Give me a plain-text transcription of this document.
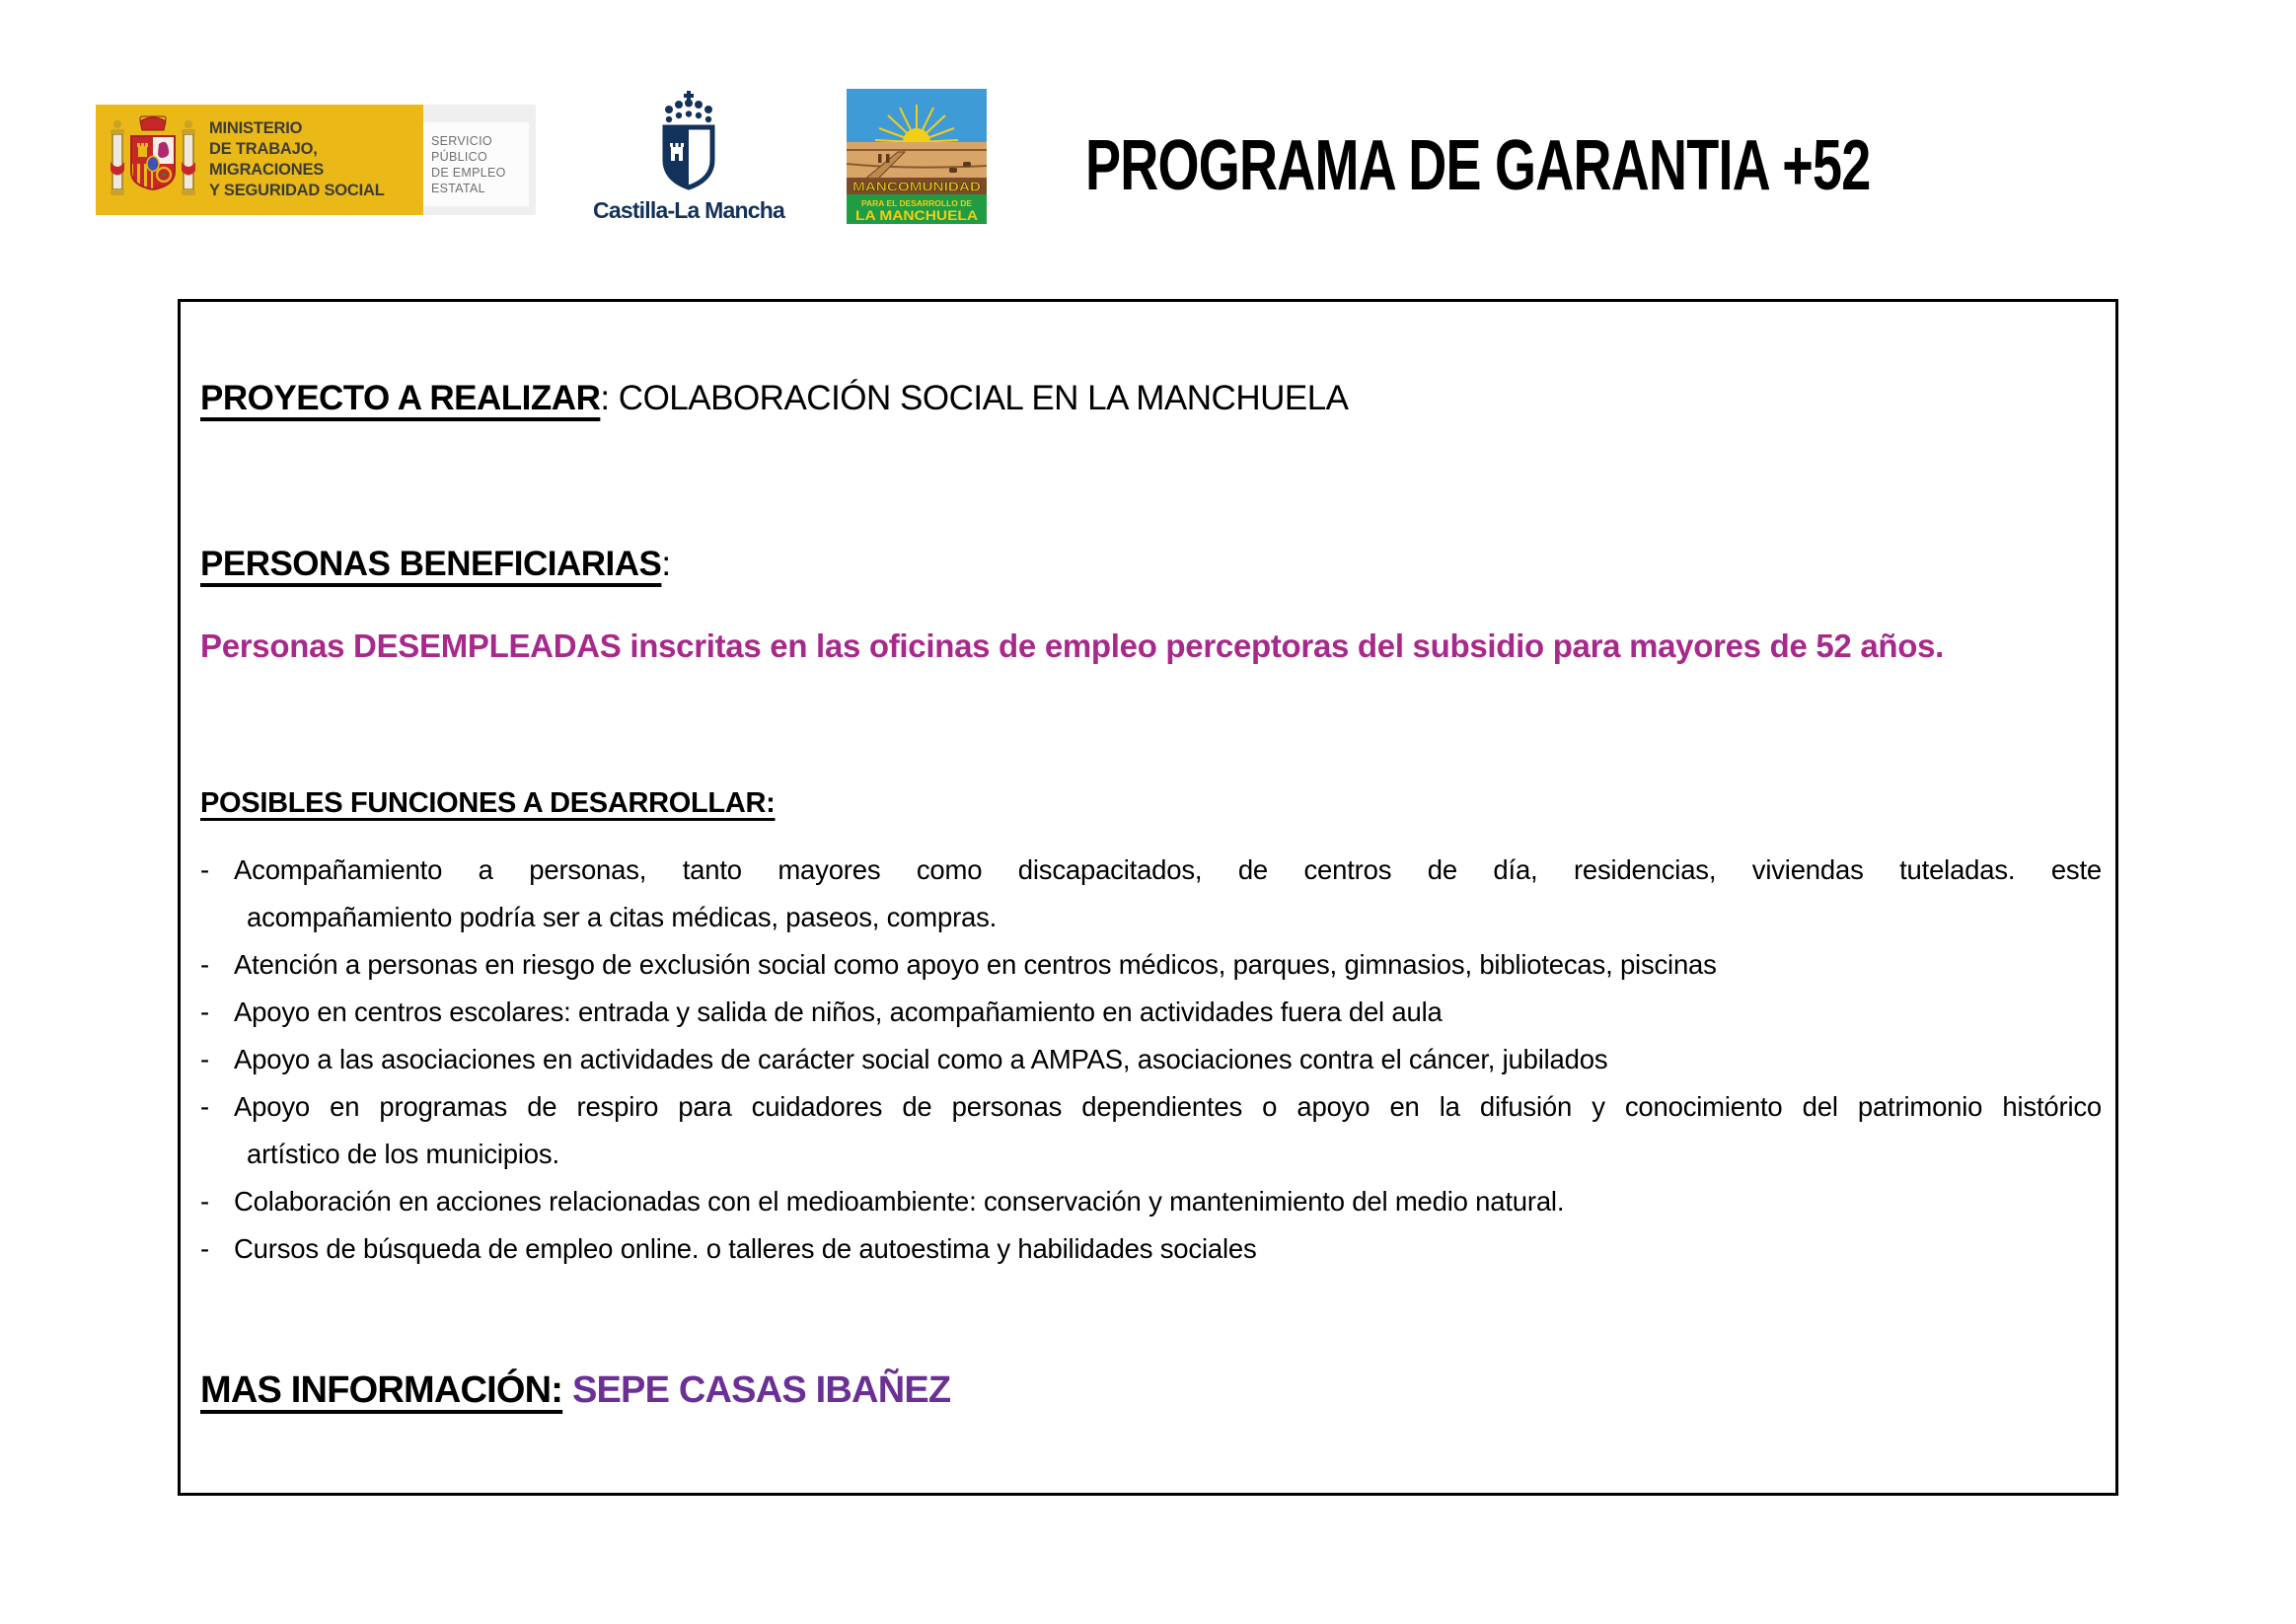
MINISTERIO
DE TRABAJO, MIGRACIONES
Y SEGURIDAD SOCIAL
SERVICIO PÚBLICO
DE EMPLEO ESTATAL
Castilla-La Mancha
MANCOMUNIDAD
PARA EL DESARROLLO DE
LA MANCHUELA
PROGRAMA DE GARANTIA +52

PROYECTO A REALIZAR: COLABORACIÓN SOCIAL EN LA MANCHUELA

PERSONAS BENEFICIARIAS:

Personas DESEMPLEADAS inscritas en las oficinas de empleo perceptoras del subsidio para mayores de 52 años.

POSIBLES FUNCIONES A DESARROLLAR:

- Acompañamiento a personas, tanto mayores como discapacitados, de centros de día, residencias, viviendas tuteladas. este
acompañamiento podría ser a citas médicas, paseos, compras.
- Atención a personas en riesgo de exclusión social como apoyo en centros médicos, parques, gimnasios, bibliotecas, piscinas
- Apoyo en centros escolares: entrada y salida de niños, acompañamiento en actividades fuera del aula
- Apoyo a las asociaciones en actividades de carácter social como a AMPAS, asociaciones contra el cáncer, jubilados
- Apoyo en programas de respiro para cuidadores de personas dependientes o apoyo en la difusión y conocimiento del patrimonio histórico
artístico de los municipios.
- Colaboración en acciones relacionadas con el medioambiente: conservación y mantenimiento del medio natural.
- Cursos de búsqueda de empleo online. o talleres de autoestima y habilidades sociales

MAS INFORMACIÓN: SEPE CASAS IBAÑEZ
